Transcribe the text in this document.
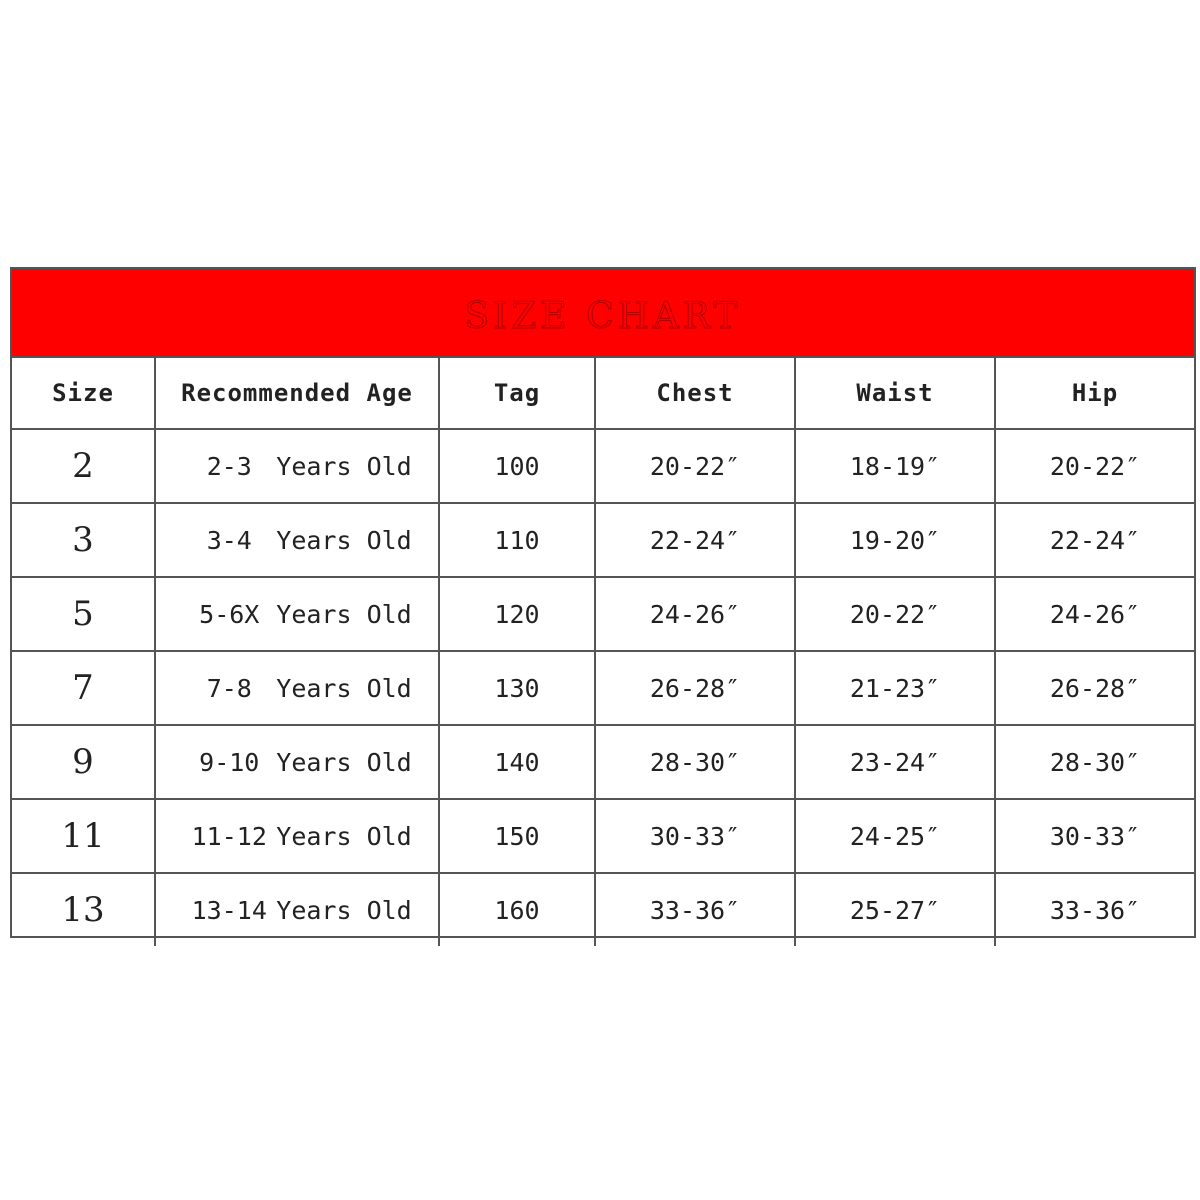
SIZE CHART
Size	Recommended Age	Tag	Chest	Waist	Hip
2	2-3 Years Old	100	20-22″	18-19″	20-22″
3	3-4 Years Old	110	22-24″	19-20″	22-24″
5	5-6X Years Old	120	24-26″	20-22″	24-26″
7	7-8 Years Old	130	26-28″	21-23″	26-28″
9	9-10 Years Old	140	28-30″	23-24″	28-30″
11	11-12 Years Old	150	30-33″	24-25″	30-33″
13	13-14 Years Old	160	33-36″	25-27″	33-36″
